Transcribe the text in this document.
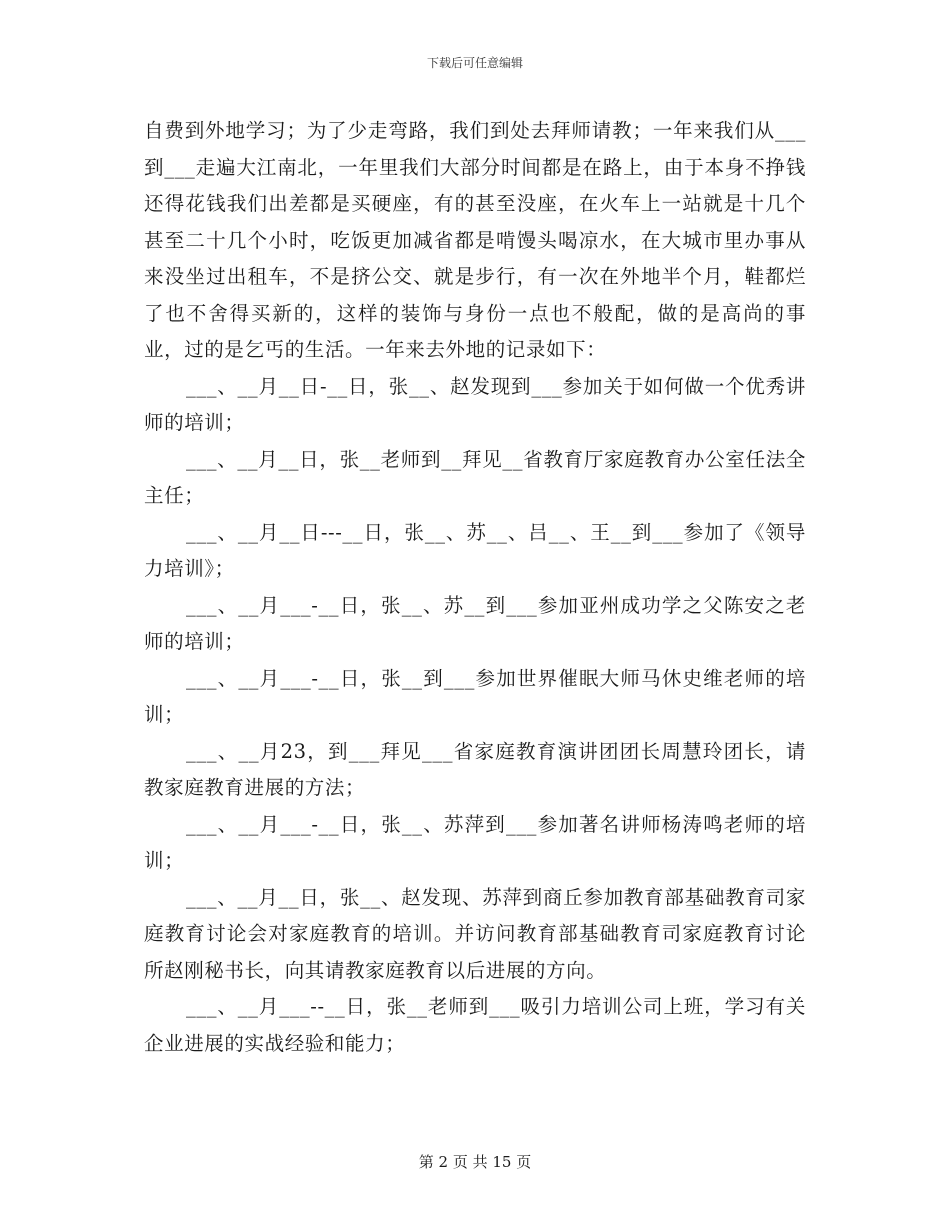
下载后可任意编辑

自费到外地学习；为了少走弯路，我们到处去拜师请教；一年来我们从___到___走遍大江南北，一年里我们大部分时间都是在路上，由于本身不挣钱还得花钱我们出差都是买硬座，有的甚至没座，在火车上一站就是十几个甚至二十几个小时，吃饭更加减省都是啃馒头喝凉水，在大城市里办事从来没坐过出租车，不是挤公交、就是步行，有一次在外地半个月，鞋都烂了也不舍得买新的，这样的装饰与身份一点也不般配，做的是高尚的事业，过的是乞丐的生活。一年来去外地的记录如下：

___、__月__日-__日，张__、赵发现到___参加关于如何做一个优秀讲师的培训；

___、__月__日，张__老师到__拜见__省教育厅家庭教育办公室任法全主任；

___、__月__日---__日，张__、苏__、吕__、王__到___参加了《领导力培训》；

___、__月___-__日，张__、苏__到___参加亚州成功学之父陈安之老师的培训；

___、__月___-__日，张__到___参加世界催眠大师马休史维老师的培训；

___、__月23，到___拜见___省家庭教育演讲团团长周慧玲团长，请教家庭教育进展的方法；

___、__月___-__日，张__、苏萍到___参加著名讲师杨涛鸣老师的培训；

___、__月__日，张__、赵发现、苏萍到商丘参加教育部基础教育司家庭教育讨论会对家庭教育的培训。并访问教育部基础教育司家庭教育讨论所赵刚秘书长，向其请教家庭教育以后进展的方向。

___、__月___--__日，张__老师到___吸引力培训公司上班，学习有关企业进展的实战经验和能力；

第 2 页 共 15 页
